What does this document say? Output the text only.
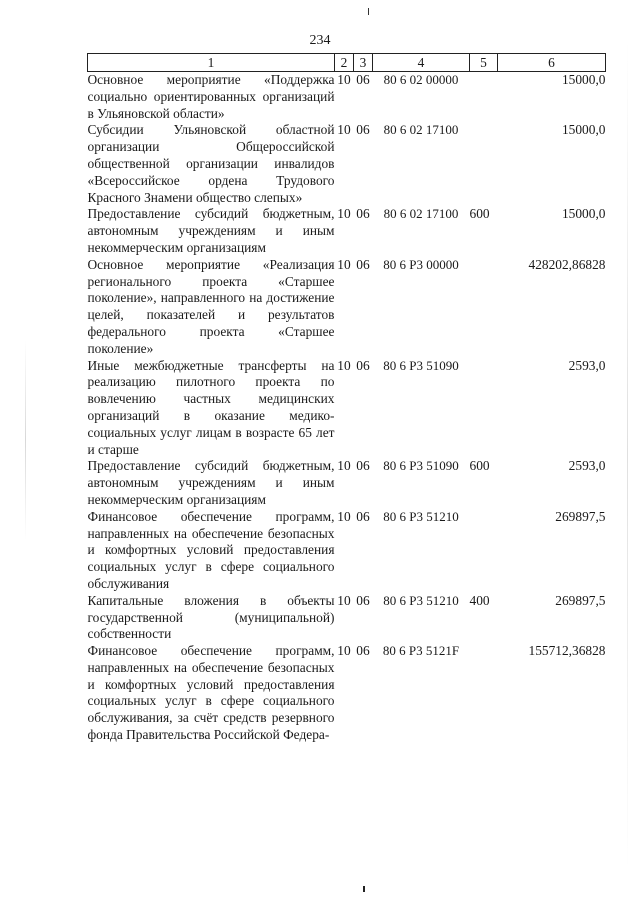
234
1	2	3	4	5	6
Основное мероприятие «Поддержка социально ориентированных организаций в Ульяновской области»	10	06	80 6 02 00000		15000,0
Субсидии Ульяновской областной организации Общероссийской общественной организации инвалидов «Всероссийское ордена Трудового Красного Знамени общество слепых»	10	06	80 6 02 17100		15000,0
Предоставление субсидий бюджетным, автономным учреждениям и иным некоммерческим организациям	10	06	80 6 02 17100	600	15000,0
Основное мероприятие «Реализация регионального проекта «Старшее поколение», направленного на достижение целей, показателей и результатов федерального проекта «Старшее поколение»	10	06	80 6 P3 00000		428202,86828
Иные межбюджетные трансферты на реализацию пилотного проекта по вовлечению частных медицинских организаций в оказание медико-социальных услуг лицам в возрасте 65 лет и старше	10	06	80 6 P3 51090		2593,0
Предоставление субсидий бюджетным, автономным учреждениям и иным некоммерческим организациям	10	06	80 6 P3 51090	600	2593,0
Финансовое обеспечение программ, направленных на обеспечение безопасных и комфортных условий предоставления социальных услуг в сфере социального обслуживания	10	06	80 6 P3 51210		269897,5
Капитальные вложения в объекты государственной (муниципальной) собственности	10	06	80 6 P3 51210	400	269897,5
Финансовое обеспечение программ, направленных на обеспечение безопасных и комфортных условий предоставления социальных услуг в сфере социального обслуживания, за счёт средств резервного фонда Правительства Российской Федера-	10	06	80 6 P3 5121F		155712,36828
